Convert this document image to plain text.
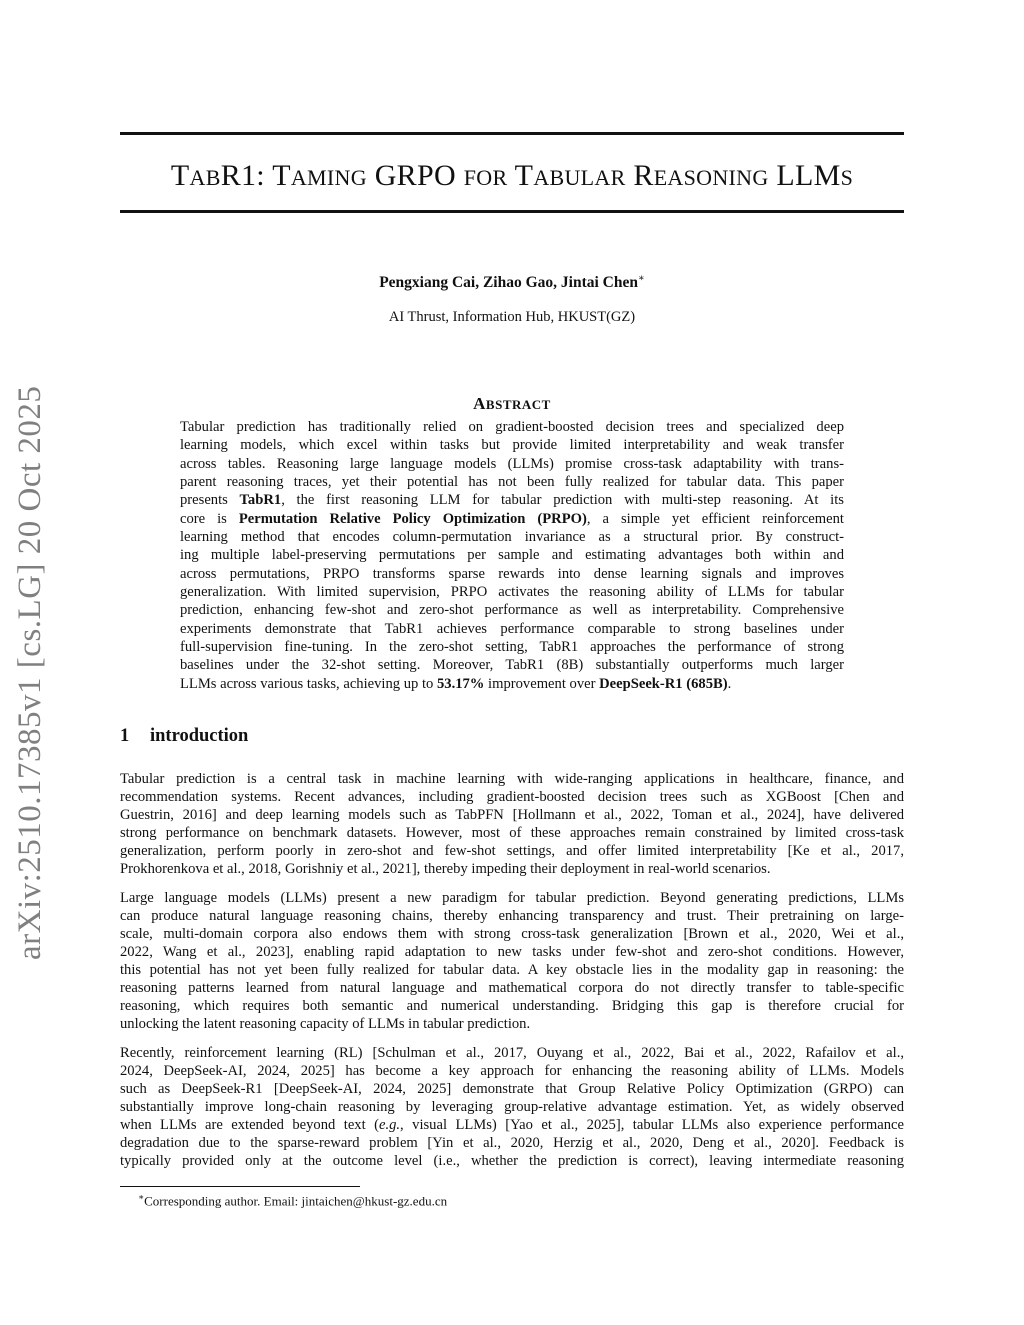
TABR1: TAMING GRPO FOR TABULAR REASONING LLMS
Pengxiang Cai, Zihao Gao, Jintai Chen∗
AI Thrust, Information Hub, HKUST(GZ)
ABSTRACT
Tabular prediction has traditionally relied on gradient-boosted decision trees and specialized deep
learning models, which excel within tasks but provide limited interpretability and weak transfer
across tables. Reasoning large language models (LLMs) promise cross-task adaptability with trans-
parent reasoning traces, yet their potential has not been fully realized for tabular data. This paper
presents TabR1, the first reasoning LLM for tabular prediction with multi-step reasoning. At its
core is Permutation Relative Policy Optimization (PRPO), a simple yet efficient reinforcement
learning method that encodes column-permutation invariance as a structural prior. By construct-
ing multiple label-preserving permutations per sample and estimating advantages both within and
across permutations, PRPO transforms sparse rewards into dense learning signals and improves
generalization. With limited supervision, PRPO activates the reasoning ability of LLMs for tabular
prediction, enhancing few-shot and zero-shot performance as well as interpretability. Comprehensive
experiments demonstrate that TabR1 achieves performance comparable to strong baselines under
full-supervision fine-tuning. In the zero-shot setting, TabR1 approaches the performance of strong
baselines under the 32-shot setting. Moreover, TabR1 (8B) substantially outperforms much larger
LLMs across various tasks, achieving up to 53.17% improvement over DeepSeek-R1 (685B).
1 introduction
Tabular prediction is a central task in machine learning with wide-ranging applications in healthcare, finance, and
recommendation systems. Recent advances, including gradient-boosted decision trees such as XGBoost [Chen and
Guestrin, 2016] and deep learning models such as TabPFN [Hollmann et al., 2022, Toman et al., 2024], have delivered
strong performance on benchmark datasets. However, most of these approaches remain constrained by limited cross-task
generalization, perform poorly in zero-shot and few-shot settings, and offer limited interpretability [Ke et al., 2017,
Prokhorenkova et al., 2018, Gorishniy et al., 2021], thereby impeding their deployment in real-world scenarios.
Large language models (LLMs) present a new paradigm for tabular prediction. Beyond generating predictions, LLMs
can produce natural language reasoning chains, thereby enhancing transparency and trust. Their pretraining on large-
scale, multi-domain corpora also endows them with strong cross-task generalization [Brown et al., 2020, Wei et al.,
2022, Wang et al., 2023], enabling rapid adaptation to new tasks under few-shot and zero-shot conditions. However,
this potential has not yet been fully realized for tabular data. A key obstacle lies in the modality gap in reasoning: the
reasoning patterns learned from natural language and mathematical corpora do not directly transfer to table-specific
reasoning, which requires both semantic and numerical understanding. Bridging this gap is therefore crucial for
unlocking the latent reasoning capacity of LLMs in tabular prediction.
Recently, reinforcement learning (RL) [Schulman et al., 2017, Ouyang et al., 2022, Bai et al., 2022, Rafailov et al.,
2024, DeepSeek-AI, 2024, 2025] has become a key approach for enhancing the reasoning ability of LLMs. Models
such as DeepSeek-R1 [DeepSeek-AI, 2024, 2025] demonstrate that Group Relative Policy Optimization (GRPO) can
substantially improve long-chain reasoning by leveraging group-relative advantage estimation. Yet, as widely observed
when LLMs are extended beyond text (e.g., visual LLMs) [Yao et al., 2025], tabular LLMs also experience performance
degradation due to the sparse-reward problem [Yin et al., 2020, Herzig et al., 2020, Deng et al., 2020]. Feedback is
typically provided only at the outcome level (i.e., whether the prediction is correct), leaving intermediate reasoning
∗Corresponding author. Email: jintaichen@hkust-gz.edu.cn
arXiv:2510.17385v1 [cs.LG] 20 Oct 2025
